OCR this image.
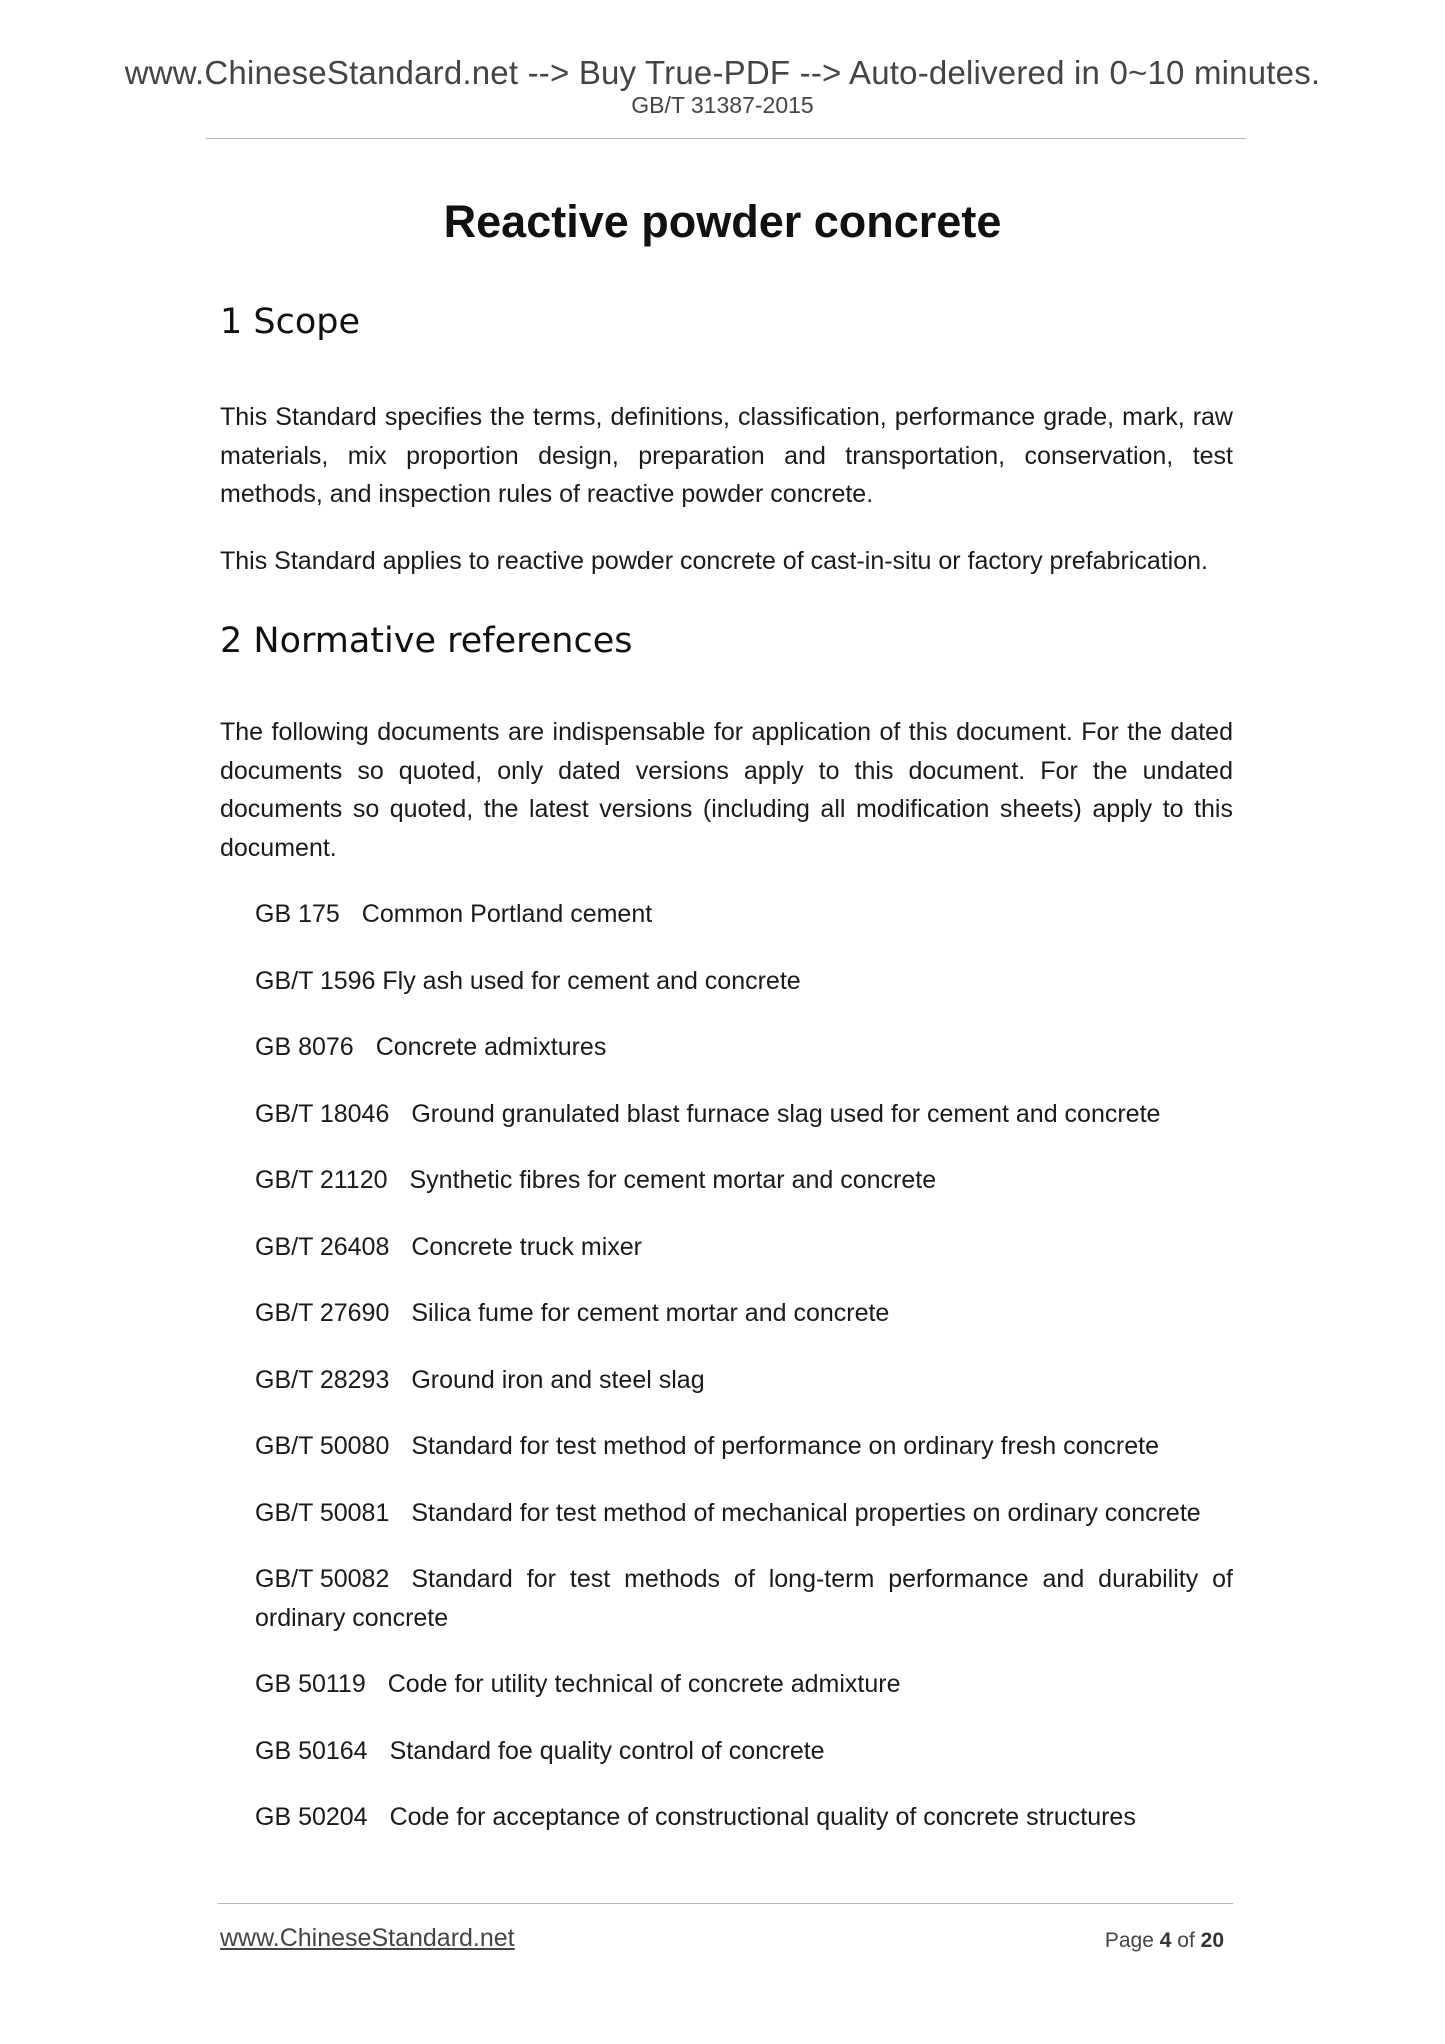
www.ChineseStandard.net --> Buy True-PDF --> Auto-delivered in 0~10 minutes.
GB/T 31387-2015
Reactive powder concrete
1 Scope

This Standard specifies the terms, definitions, classification, performance grade, mark, raw materials, mix proportion design, preparation and transportation, conservation, test methods, and inspection rules of reactive powder concrete.

This Standard applies to reactive powder concrete of cast-in-situ or factory prefabrication.

2 Normative references

The following documents are indispensable for application of this document. For the dated documents so quoted, only dated versions apply to this document. For the undated documents so quoted, the latest versions (including all modification sheets) apply to this document.

GB 175 Common Portland cement
GB/T 1596 Fly ash used for cement and concrete
GB 8076 Concrete admixtures
GB/T 18046 Ground granulated blast furnace slag used for cement and concrete
GB/T 21120 Synthetic fibres for cement mortar and concrete
GB/T 26408 Concrete truck mixer
GB/T 27690 Silica fume for cement mortar and concrete
GB/T 28293 Ground iron and steel slag
GB/T 50080 Standard for test method of performance on ordinary fresh concrete
GB/T 50081 Standard for test method of mechanical properties on ordinary concrete
GB/T 50082 Standard for test methods of long-term performance and durability of ordinary concrete
GB 50119 Code for utility technical of concrete admixture
GB 50164 Standard foe quality control of concrete
GB 50204 Code for acceptance of constructional quality of concrete structures
www.ChineseStandard.net	Page 4 of 20
